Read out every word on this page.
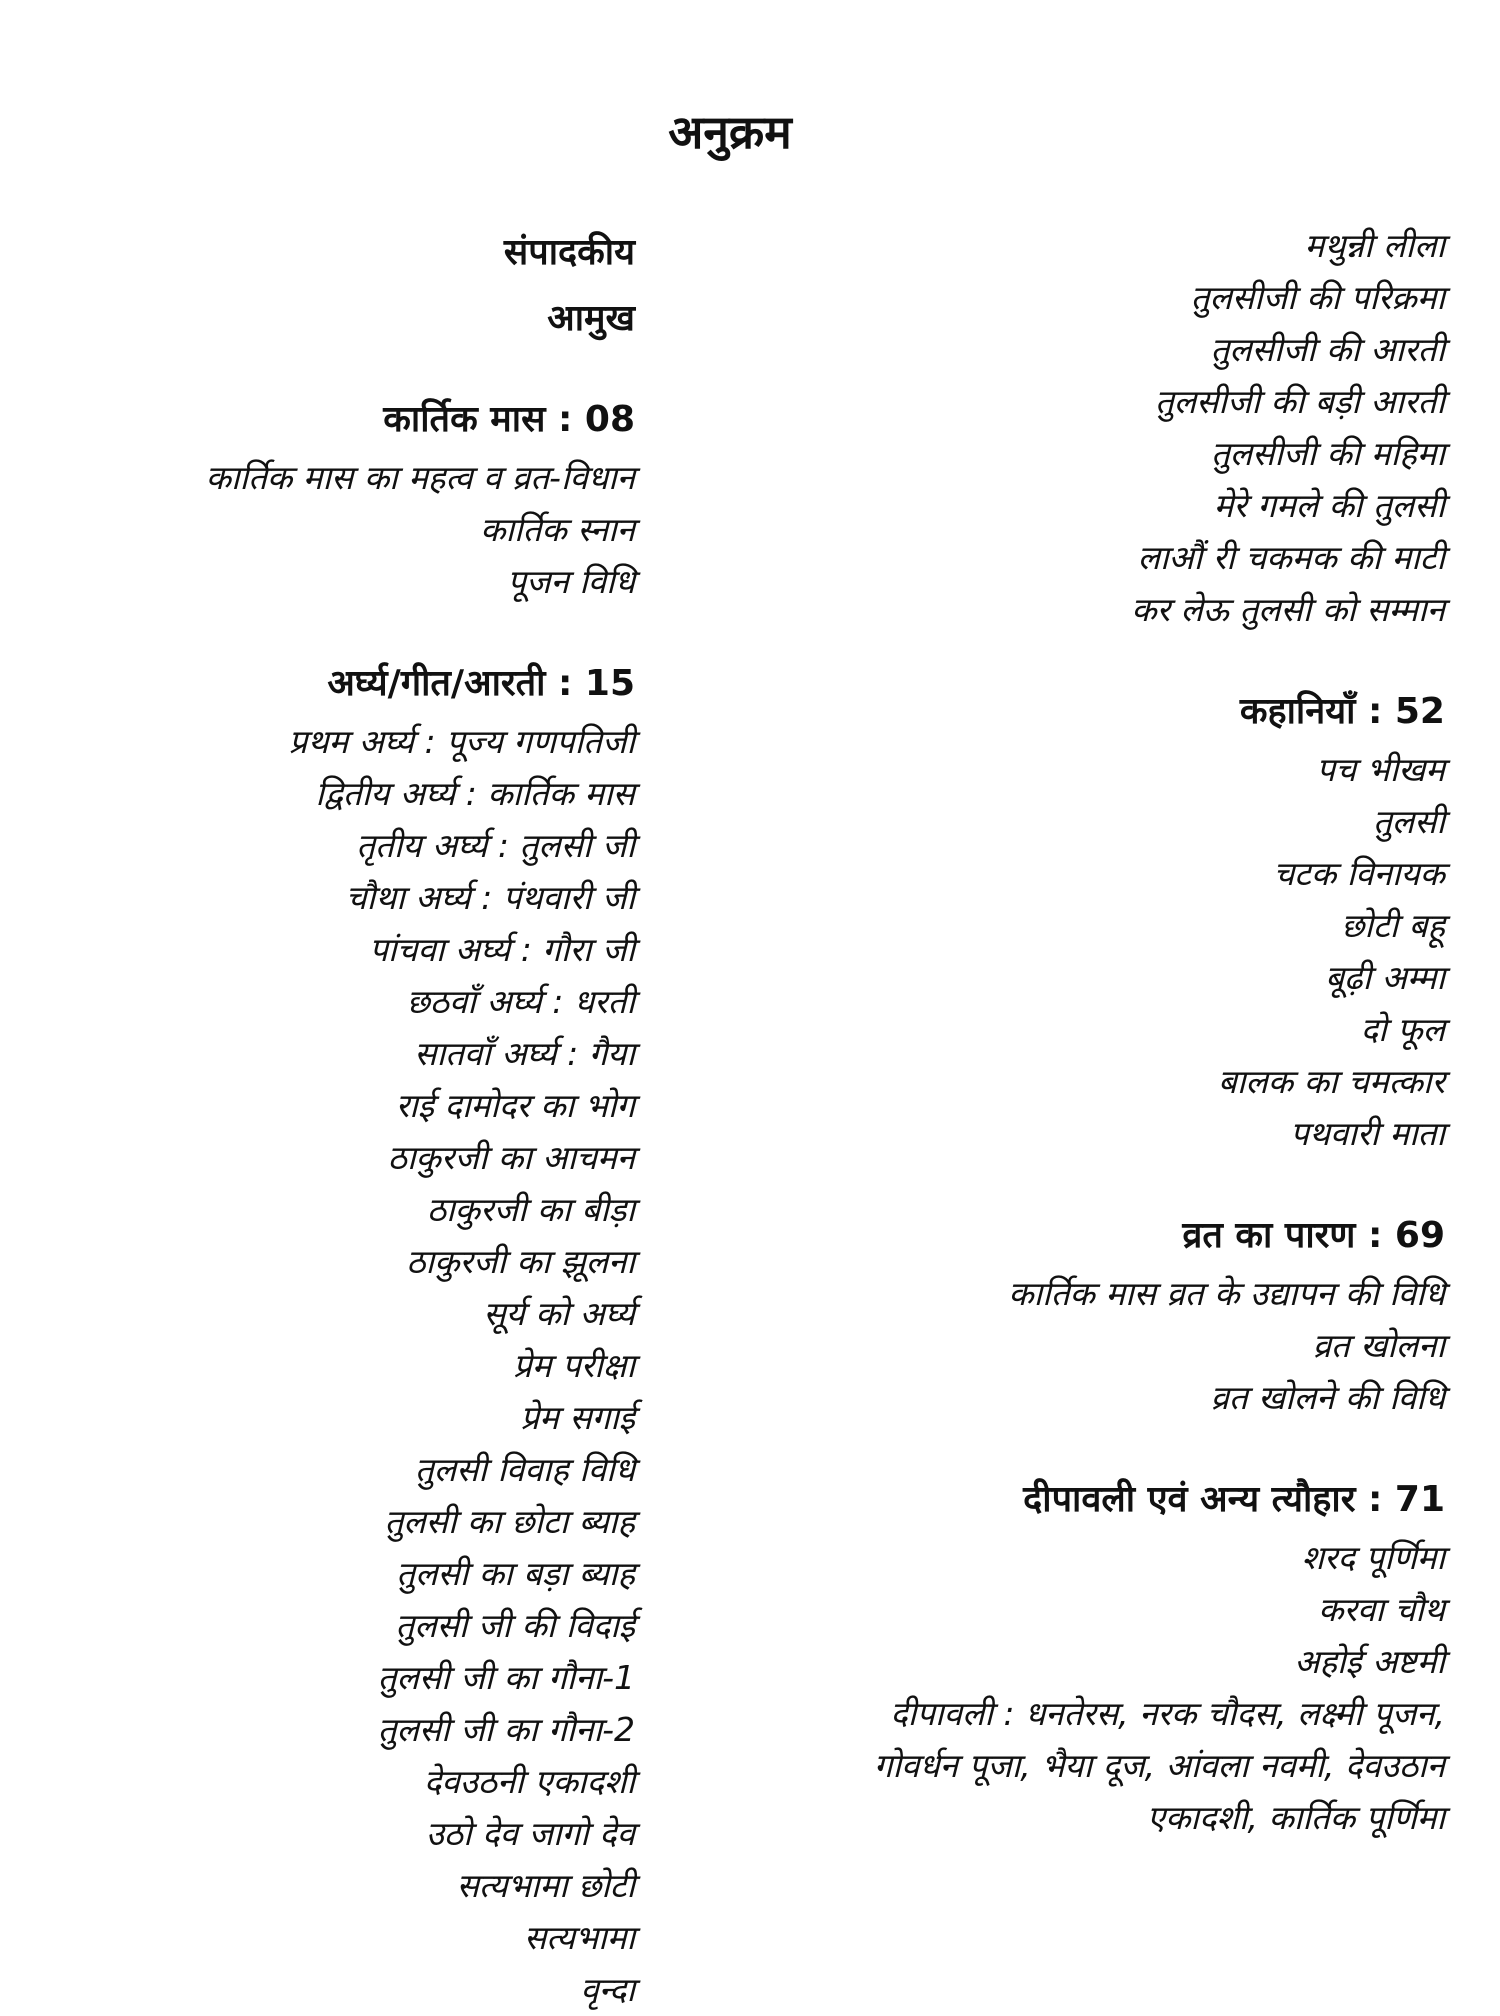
अनुक्रम
संपादकीय
आमुख
कार्तिक मास : 08
कार्तिक मास का महत्व व व्रत-विधान
कार्तिक स्नान
पूजन विधि
अर्घ्य/गीत/आरती : 15
प्रथम अर्घ्य : पूज्य गणपतिजी
द्वितीय अर्घ्य : कार्तिक मास
तृतीय अर्घ्य : तुलसी जी
चौथा अर्घ्य : पंथवारी जी
पांचवा अर्घ्य : गौरा जी
छठवाँ अर्घ्य : धरती
सातवाँ अर्घ्य : गैया
राई दामोदर का भोग
ठाकुरजी का आचमन
ठाकुरजी का बीड़ा
ठाकुरजी का झूलना
सूर्य को अर्घ्य
प्रेम परीक्षा
प्रेम सगाई
तुलसी विवाह विधि
तुलसी का छोटा ब्याह
तुलसी का बड़ा ब्याह
तुलसी जी की विदाई
तुलसी जी का गौना-1
तुलसी जी का गौना-2
देवउठनी एकादशी
उठो देव जागो देव
सत्यभामा छोटी
सत्यभामा
वृन्दा
मथुन्नी लीला
तुलसीजी की परिक्रमा
तुलसीजी की आरती
तुलसीजी की बड़ी आरती
तुलसीजी की महिमा
मेरे गमले की तुलसी
लाऔं री चकमक की माटी
कर लेऊ तुलसी को सम्मान
कहानियाँ : 52
पच भीखम
तुलसी
चटक विनायक
छोटी बहू
बूढ़ी अम्मा
दो फूल
बालक का चमत्कार
पथवारी माता
व्रत का पारण : 69
कार्तिक मास व्रत के उद्यापन की विधि
व्रत खोलना
व्रत खोलने की विधि
दीपावली एवं अन्य त्यौहार : 71
शरद पूर्णिमा
करवा चौथ
अहोई अष्टमी
दीपावली : धनतेरस, नरक चौदस, लक्ष्मी पूजन,
गोवर्धन पूजा, भैया दूज, आंवला नवमी, देवउठान
एकादशी, कार्तिक पूर्णिमा
